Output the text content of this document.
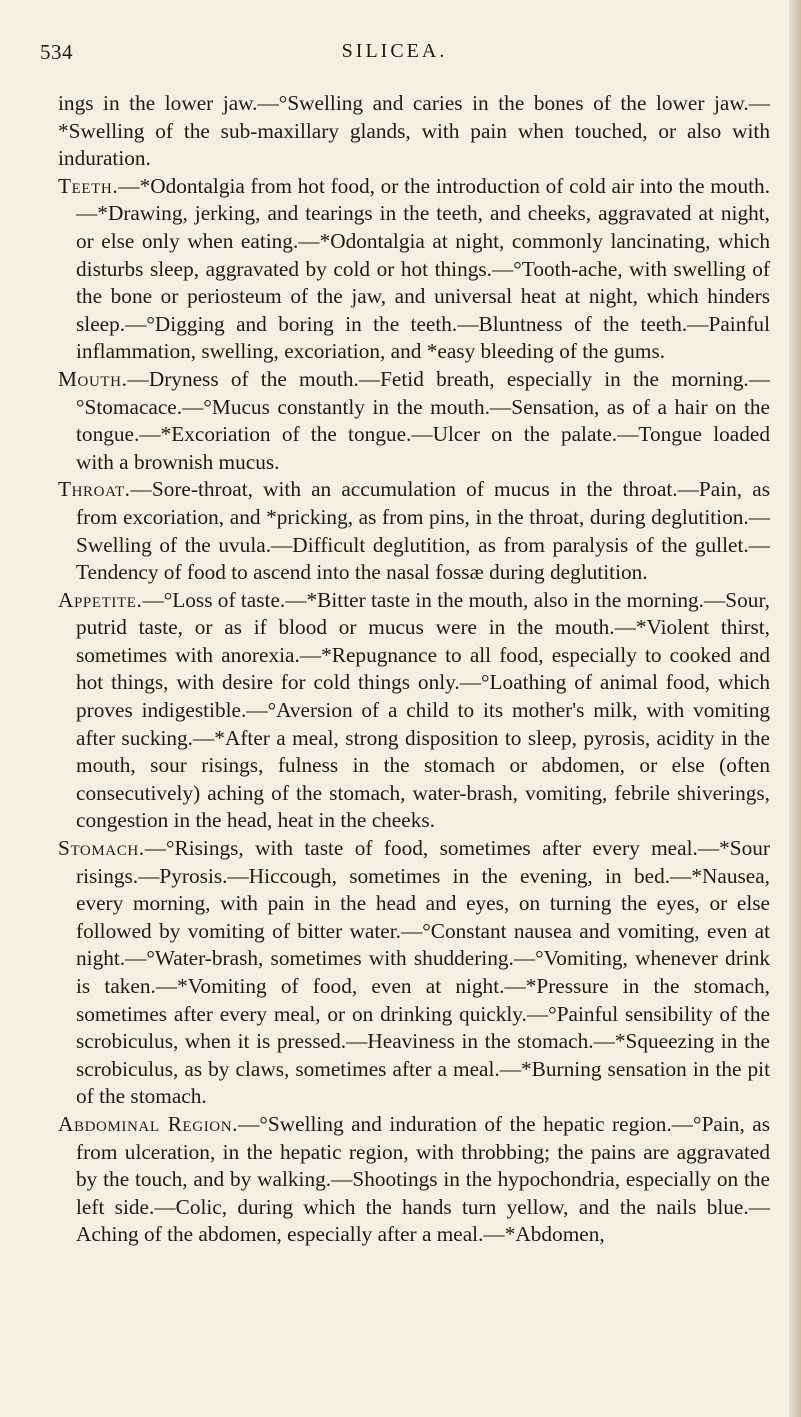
534	SILICEA.

ings in the lower jaw.—°Swelling and caries in the bones of the lower jaw.—*Swelling of the sub-maxillary glands, with pain when touched, or also with induration.

Teeth.—*Odontalgia from hot food, or the introduction of cold air into the mouth.—*Drawing, jerking, and tearings in the teeth, and cheeks, aggravated at night, or else only when eating.—*Odontalgia at night, commonly lancinating, which disturbs sleep, aggravated by cold or hot things.—°Tooth-ache, with swelling of the bone or periosteum of the jaw, and universal heat at night, which hinders sleep.—°Digging and boring in the teeth.—Bluntness of the teeth.—Painful inflammation, swelling, excoriation, and *easy bleeding of the gums.

Mouth.—Dryness of the mouth.—Fetid breath, especially in the morning.—°Stomacace.—°Mucus constantly in the mouth.—Sensation, as of a hair on the tongue.—*Excoriation of the tongue.—Ulcer on the palate.—Tongue loaded with a brownish mucus.

Throat.—Sore-throat, with an accumulation of mucus in the throat.—Pain, as from excoriation, and *pricking, as from pins, in the throat, during deglutition.—Swelling of the uvula.—Difficult deglutition, as from paralysis of the gullet.—Tendency of food to ascend into the nasal fossæ during deglutition.

Appetite.—°Loss of taste.—*Bitter taste in the mouth, also in the morning.—Sour, putrid taste, or as if blood or mucus were in the mouth.—*Violent thirst, sometimes with anorexia.—*Repugnance to all food, especially to cooked and hot things, with desire for cold things only.—°Loathing of animal food, which proves indigestible.—°Aversion of a child to its mother's milk, with vomiting after sucking.—*After a meal, strong disposition to sleep, pyrosis, acidity in the mouth, sour risings, fulness in the stomach or abdomen, or else (often consecutively) aching of the stomach, water-brash, vomiting, febrile shiverings, congestion in the head, heat in the cheeks.

Stomach.—°Risings, with taste of food, sometimes after every meal.—*Sour risings.—Pyrosis.—Hiccough, sometimes in the evening, in bed.—*Nausea, every morning, with pain in the head and eyes, on turning the eyes, or else followed by vomiting of bitter water.—°Constant nausea and vomiting, even at night.—°Water-brash, sometimes with shuddering.—°Vomiting, whenever drink is taken.—*Vomiting of food, even at night.—*Pressure in the stomach, sometimes after every meal, or on drinking quickly.—°Painful sensibility of the scrobiculus, when it is pressed.—Heaviness in the stomach.—*Squeezing in the scrobiculus, as by claws, sometimes after a meal.—*Burning sensation in the pit of the stomach.

Abdominal Region.—°Swelling and induration of the hepatic region.—°Pain, as from ulceration, in the hepatic region, with throbbing; the pains are aggravated by the touch, and by walking.—Shootings in the hypochondria, especially on the left side.—Colic, during which the hands turn yellow, and the nails blue.—Aching of the abdomen, especially after a meal.—*Abdomen,
